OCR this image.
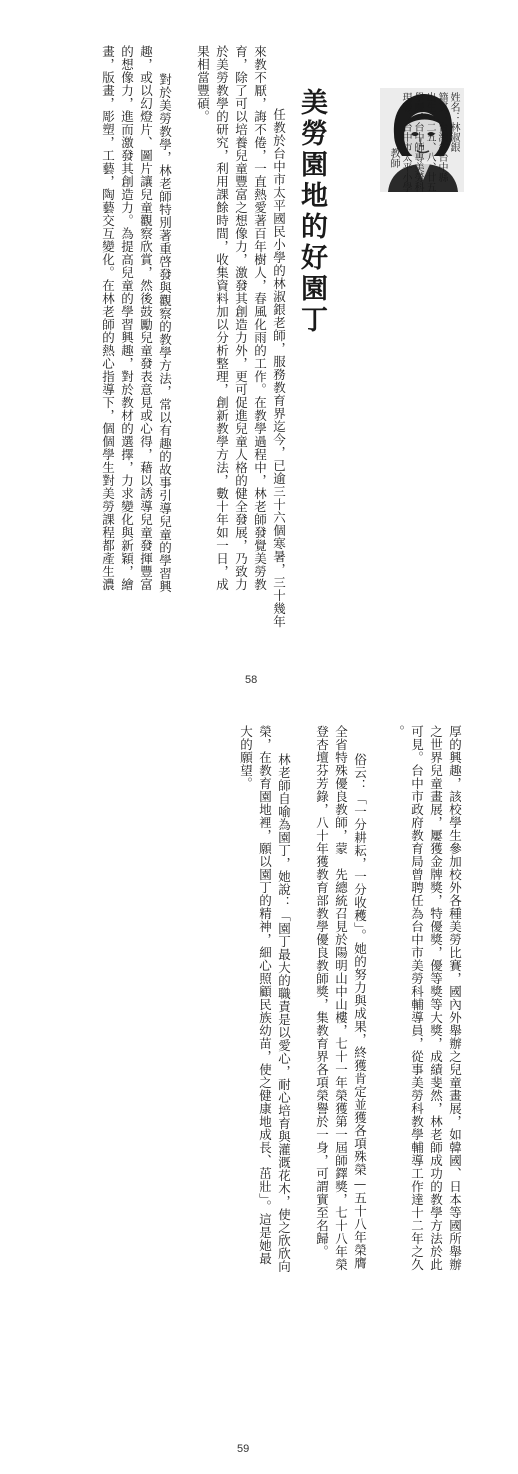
姓名：林淑銀
籍貫：台灣省台中縣
出生：二五、八、廿五
學歷：台中師專美勞科
現職：台中市太平小學
教師
美勞園地的好園丁

任教於台中市太平國民小學的林淑銀老師，服務教育界迄今，已逾三十六個寒暑，三十幾年

來教不厭，誨不倦，一直熱愛著百年樹人，春風化雨的工作。在教學過程中，林老師發覺美勞教

育，除了可以培養兒童豐富之想像力，激發其創造力外，更可促進兒童人格的健全發展，乃致力

於美勞教學的研究，利用課餘時間，收集資料加以分析整理，創新教學方法，數十年如一日，成

果相當豐碩。

對於美勞教學，林老師特別著重啓發與觀察的教學方法，常以有趣的故事引導兒童的學習興

趣，或以幻燈片、圖片讓兒童觀察欣賞，然後鼓勵兒童發表意見或心得，藉以誘導兒童發揮豐富

的想像力，進而激發其創造力。為提高兒童的學習興趣，對於教材的選擇，力求變化與新穎，繪

畫，版畫，彫塑，工藝，陶藝交互變化。在林老師的熱心指導下，個個學生對美勞課程都產生濃

58

厚的興趣，該校學生參加校外各種美勞比賽，國內外舉辦之兒童畫展，如韓國、日本等國所舉辦

之世界兒童畫展，屢獲金牌獎，特優獎，優等獎等大獎，成績斐然，林老師成功的教學方法於此

可見。台中市政府教育局曾聘任為台中市美勞科輔導員，從事美勞科教學輔導工作達十二年之久

。

俗云：「一分耕耘，一分收穫」。她的努力與成果，終獲肯定並獲各項殊榮—五十八年榮膺

全省特殊優良教師，蒙　先總統召見於陽明山中山樓，七十一年榮獲第一屆師鐸獎，七十八年榮

登杏壇芬芳錄，八十年獲教育部教學優良教師獎，集教育界各項榮譽於一身，可謂實至名歸。

林老師自喻為園丁，她說：「園丁最大的職責是以愛心，耐心培育與灌溉花木，使之欣欣向

榮，在教育園地裡，願以園丁的精神，細心照顧民族幼苗，使之健康地成長、茁壯」。這是她最

大的願望。

59
